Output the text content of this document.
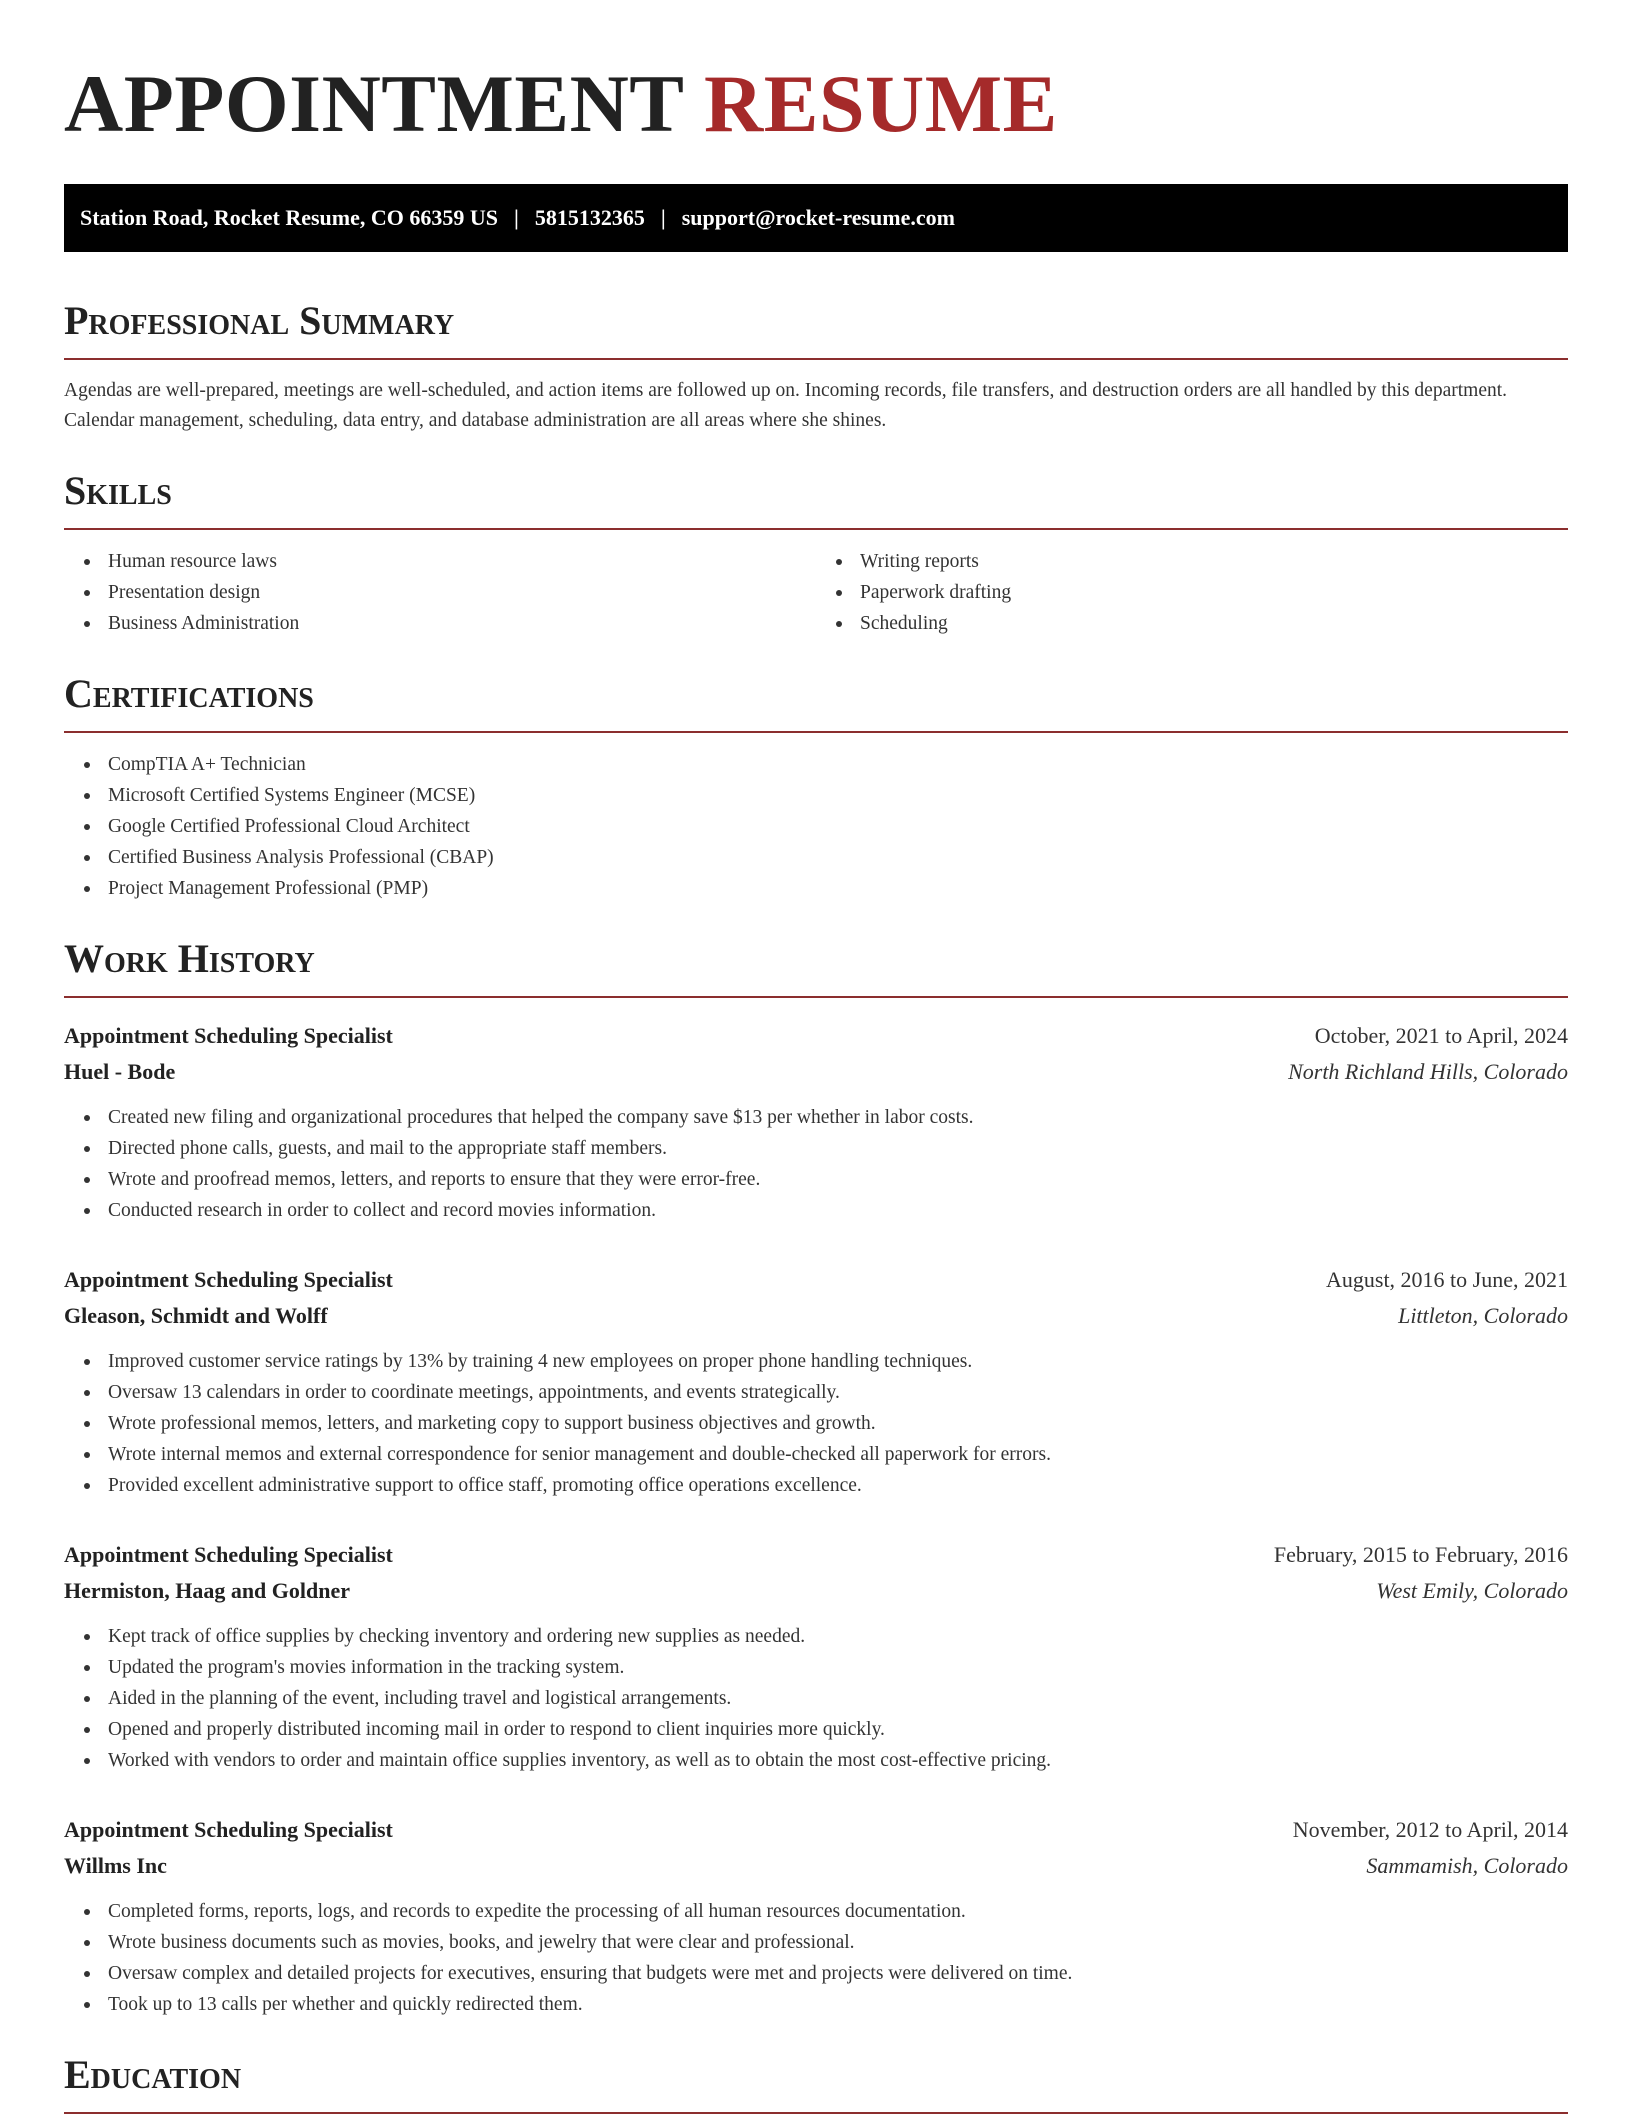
APPOINTMENT RESUME
Station Road, Rocket Resume, CO 66359 US | 5815132365 | support@rocket-resume.com
Professional Summary

Agendas are well-prepared, meetings are well-scheduled, and action items are followed up on. Incoming records, file transfers, and destruction orders are all handled by this department. Calendar management, scheduling, data entry, and database administration are all areas where she shines.

Skills
Human resource laws
Presentation design
Business Administration
Writing reports
Paperwork drafting
Scheduling
Certifications
CompTIA A+ Technician
Microsoft Certified Systems Engineer (MCSE)
Google Certified Professional Cloud Architect
Certified Business Analysis Professional (CBAP)
Project Management Professional (PMP)
Work History
Appointment Scheduling Specialist	October, 2021 to April, 2024
Huel - Bode	North Richland Hills, Colorado
Created new filing and organizational procedures that helped the company save $13 per whether in labor costs.
Directed phone calls, guests, and mail to the appropriate staff members.
Wrote and proofread memos, letters, and reports to ensure that they were error-free.
Conducted research in order to collect and record movies information.
Appointment Scheduling Specialist	August, 2016 to June, 2021
Gleason, Schmidt and Wolff	Littleton, Colorado
Improved customer service ratings by 13% by training 4 new employees on proper phone handling techniques.
Oversaw 13 calendars in order to coordinate meetings, appointments, and events strategically.
Wrote professional memos, letters, and marketing copy to support business objectives and growth.
Wrote internal memos and external correspondence for senior management and double-checked all paperwork for errors.
Provided excellent administrative support to office staff, promoting office operations excellence.
Appointment Scheduling Specialist	February, 2015 to February, 2016
Hermiston, Haag and Goldner	West Emily, Colorado
Kept track of office supplies by checking inventory and ordering new supplies as needed.
Updated the program's movies information in the tracking system.
Aided in the planning of the event, including travel and logistical arrangements.
Opened and properly distributed incoming mail in order to respond to client inquiries more quickly.
Worked with vendors to order and maintain office supplies inventory, as well as to obtain the most cost-effective pricing.
Appointment Scheduling Specialist	November, 2012 to April, 2014
Willms Inc	Sammamish, Colorado
Completed forms, reports, logs, and records to expedite the processing of all human resources documentation.
Wrote business documents such as movies, books, and jewelry that were clear and professional.
Oversaw complex and detailed projects for executives, ensuring that budgets were met and projects were delivered on time.
Took up to 13 calls per whether and quickly redirected them.
Education
